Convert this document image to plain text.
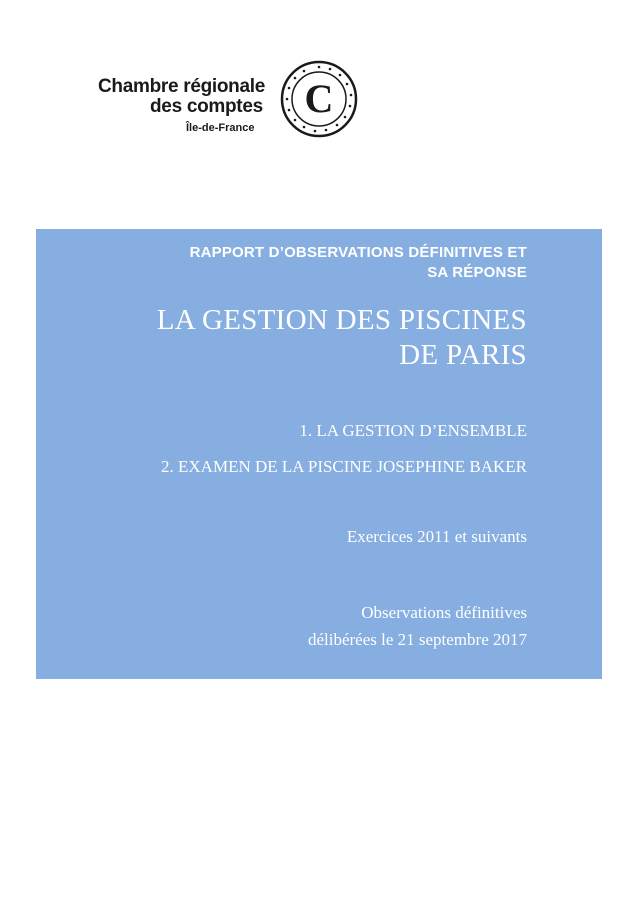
Chambre régionale
des comptes
Île-de-France
C
RAPPORT D’OBSERVATIONS DÉFINITIVES ET
SA RÉPONSE
LA GESTION DES PISCINES
DE PARIS
1. LA GESTION D’ENSEMBLE
2. EXAMEN DE LA PISCINE JOSEPHINE BAKER
Exercices 2011 et suivants
Observations définitives
délibérées le 21 septembre 2017
